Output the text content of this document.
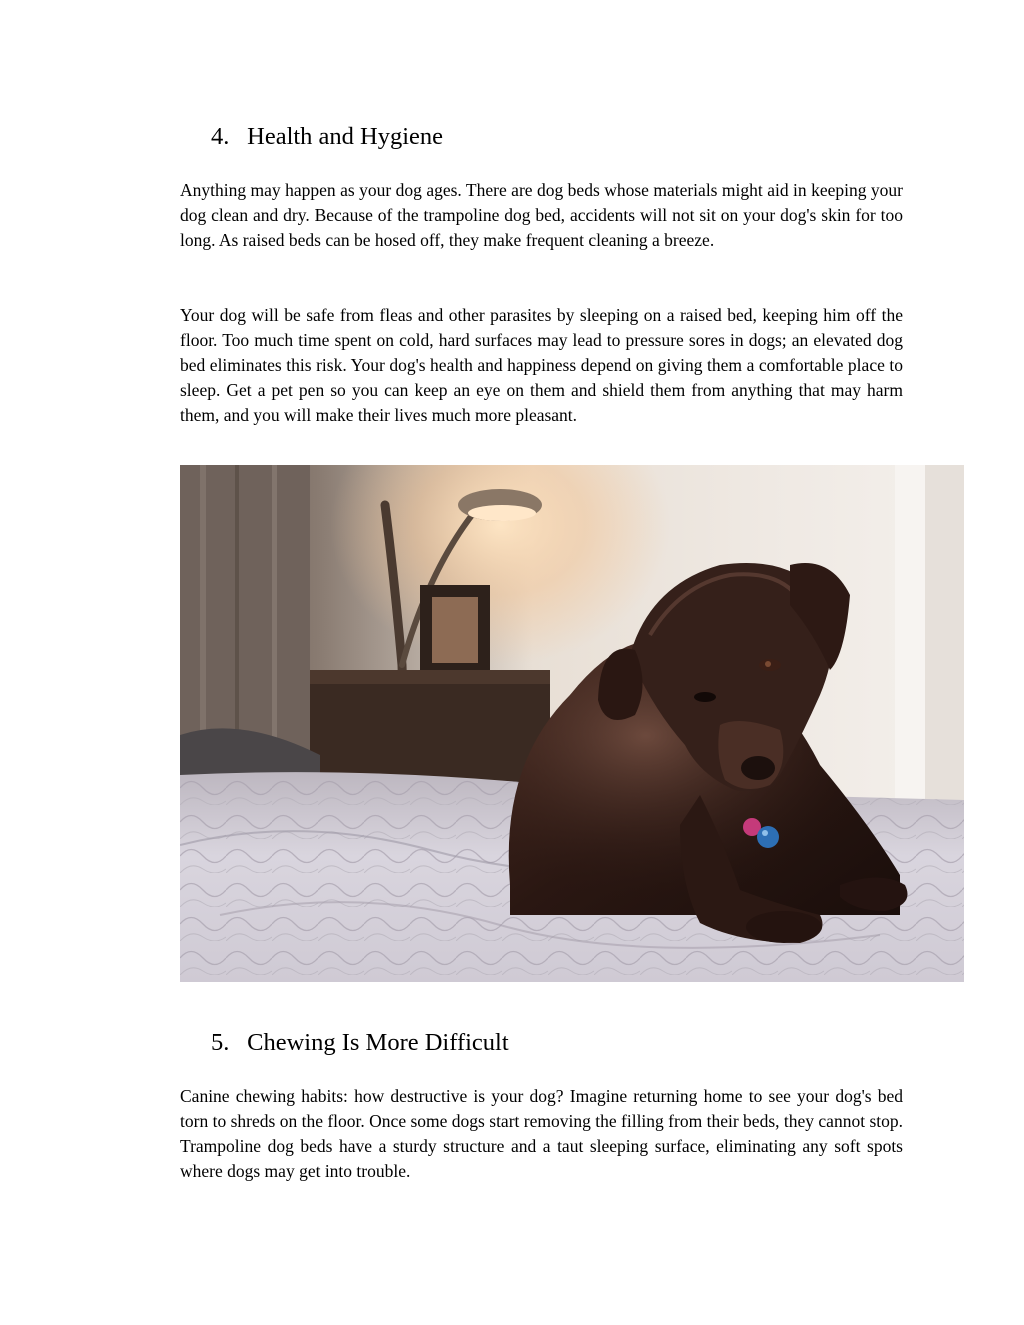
4. Health and Hygiene

Anything may happen as your dog ages. There are dog beds whose materials might aid in keeping your dog clean and dry. Because of the trampoline dog bed, accidents will not sit on your dog's skin for too long. As raised beds can be hosed off, they make frequent cleaning a breeze.

Your dog will be safe from fleas and other parasites by sleeping on a raised bed, keeping him off the floor. Too much time spent on cold, hard surfaces may lead to pressure sores in dogs; an elevated dog bed eliminates this risk. Your dog's health and happiness depend on giving them a comfortable place to sleep. Get a pet pen so you can keep an eye on them and shield them from anything that may harm them, and you will make their lives much more pleasant.

5. Chewing Is More Difficult

Canine chewing habits: how destructive is your dog? Imagine returning home to see your dog's bed torn to shreds on the floor. Once some dogs start removing the filling from their beds, they cannot stop. Trampoline dog beds have a sturdy structure and a taut sleeping surface, eliminating any soft spots where dogs may get into trouble.
